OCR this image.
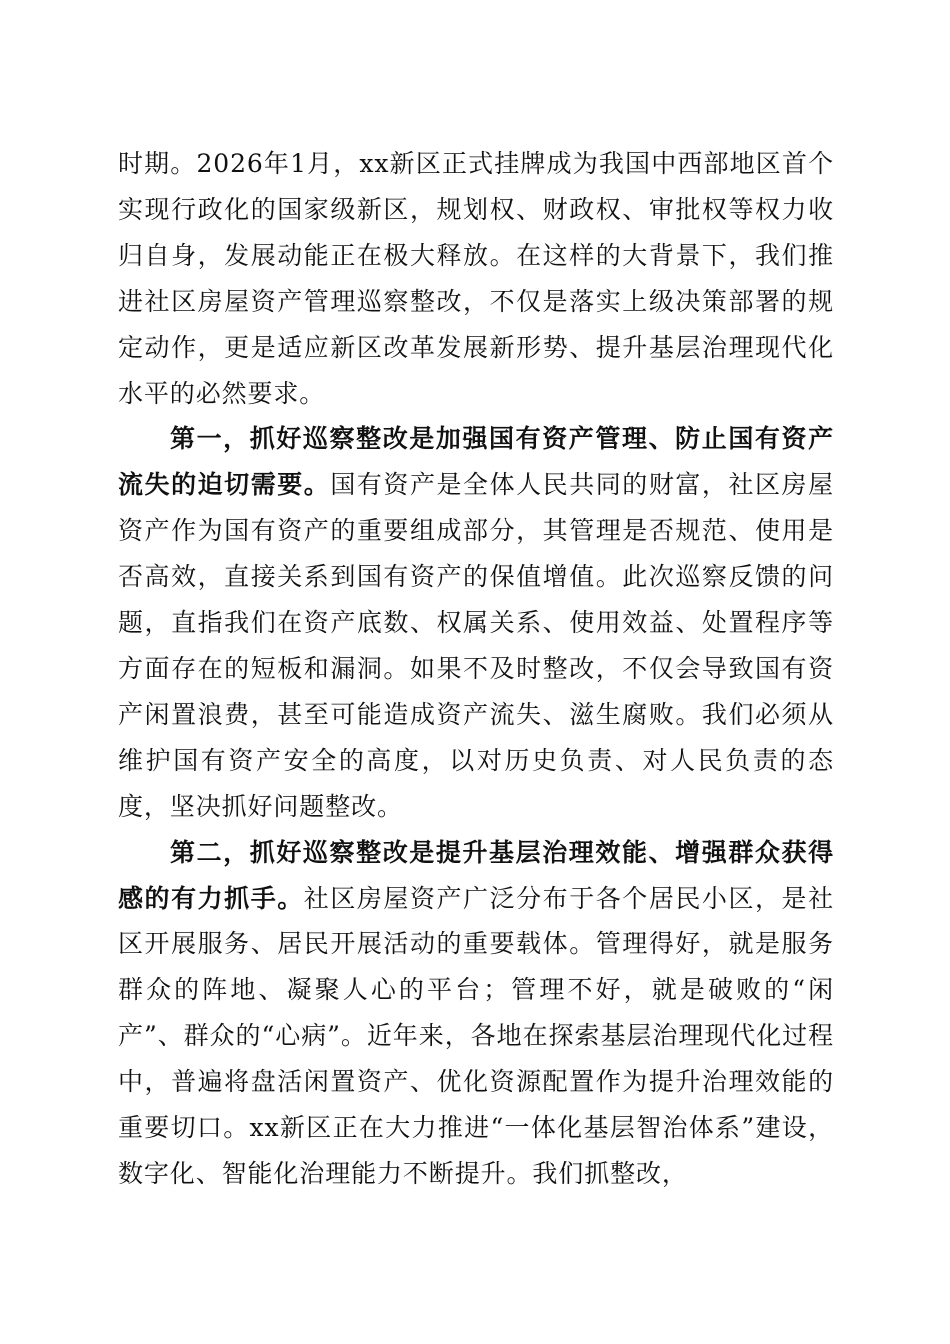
时期。2026年1月，xx新区正式挂牌成为我国中西部地区首个实现行政化的国家级新区，规划权、财政权、审批权等权力收归自身，发展动能正在极大释放。在这样的大背景下，我们推进社区房屋资产管理巡察整改，不仅是落实上级决策部署的规定动作，更是适应新区改革发展新形势、提升基层治理现代化水平的必然要求。

第一，抓好巡察整改是加强国有资产管理、防止国有资产流失的迫切需要。国有资产是全体人民共同的财富，社区房屋资产作为国有资产的重要组成部分，其管理是否规范、使用是否高效，直接关系到国有资产的保值增值。此次巡察反馈的问题，直指我们在资产底数、权属关系、使用效益、处置程序等方面存在的短板和漏洞。如果不及时整改，不仅会导致国有资产闲置浪费，甚至可能造成资产流失、滋生腐败。我们必须从维护国有资产安全的高度，以对历史负责、对人民负责的态度，坚决抓好问题整改。

第二，抓好巡察整改是提升基层治理效能、增强群众获得感的有力抓手。社区房屋资产广泛分布于各个居民小区，是社区开展服务、居民开展活动的重要载体。管理得好，就是服务群众的阵地、凝聚人心的平台；管理不好，就是破败的“闲产”、群众的“心病”。近年来，各地在探索基层治理现代化过程中，普遍将盘活闲置资产、优化资源配置作为提升治理效能的重要切口。xx新区正在大力推进“一体化基层智治体系”建设，数字化、智能化治理能力不断提升。我们抓整改，
